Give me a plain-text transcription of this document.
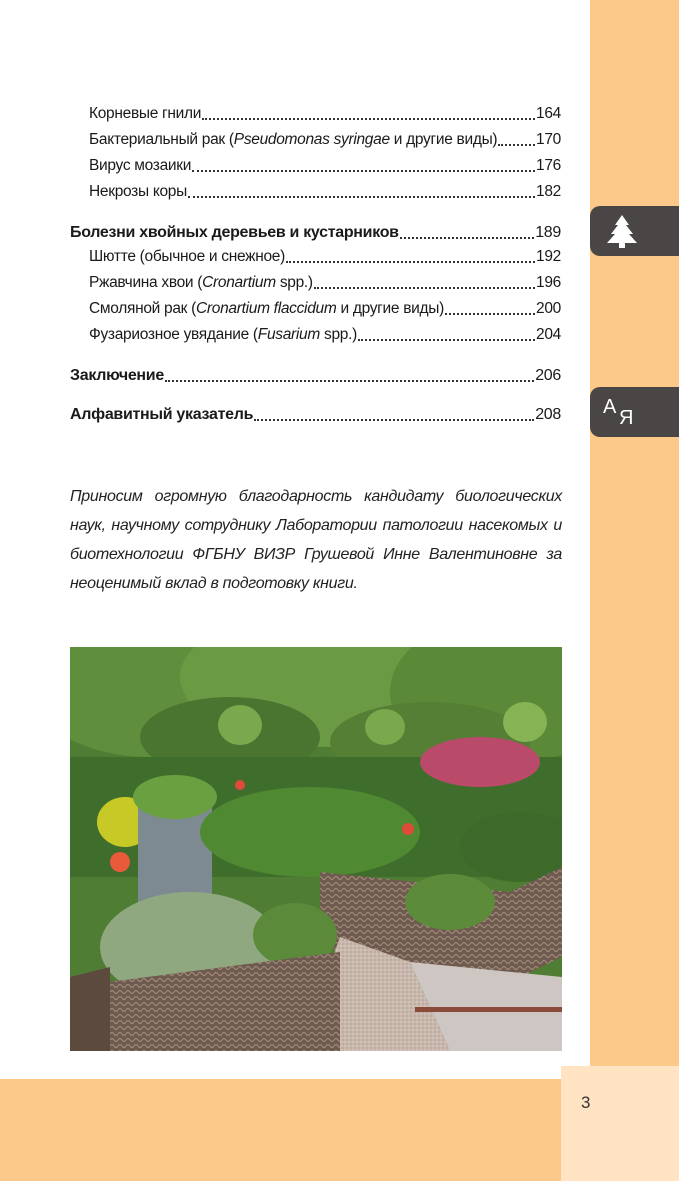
3
А Я
Корневые гнили	164
Бактериальный рак (Pseudomonas syringae и другие виды)	170
Вирус мозаики	176
Некрозы коры	182
Болезни хвойных деревьев и кустарников	189
Шютте (обычное и снежное)	192
Ржавчина хвои (Cronartium spp.)	196
Смоляной рак (Cronartium flaccidum и другие виды)	200
Фузариозное увядание (Fusarium spp.)	204
Заключение	206
Алфавитный указатель	208
Приносим огромную благодарность кандидату биологических наук, научному сотруднику Лаборатории патологии насекомых и биотехнологии ФГБНУ ВИЗР Грушевой Инне Валентиновне за неоценимый вклад в подготовку книги.
